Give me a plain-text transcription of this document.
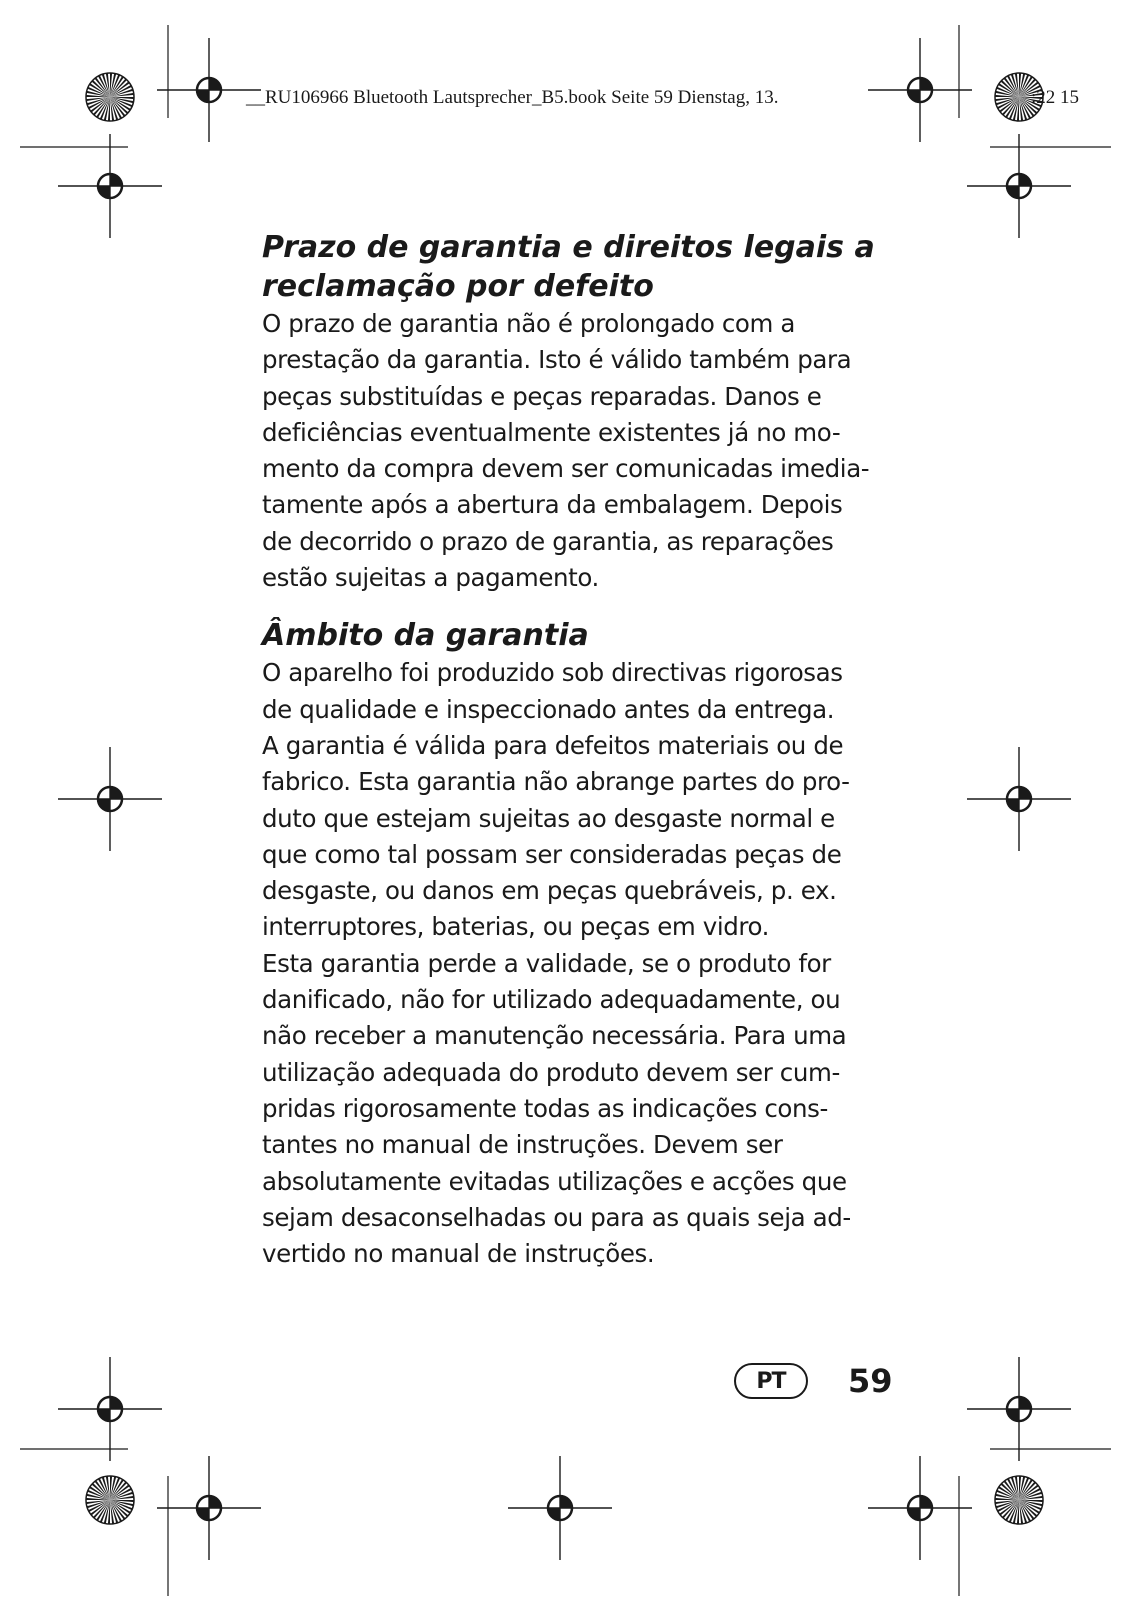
__RU106966 Bluetooth Lautsprecher_B5.book Seite 59 Dienstag, 13.	:22 15
Prazo de garantia e direitos legais a
reclamação por defeito

O prazo de garantia não é prolongado com a
prestação da garantia. Isto é válido também para
peças substituídas e peças reparadas. Danos e
deficiências eventualmente existentes já no mo-
mento da compra devem ser comunicadas imedia-
tamente após a abertura da embalagem. Depois
de decorrido o prazo de garantia, as reparações
estão sujeitas a pagamento.

Âmbito da garantia

O aparelho foi produzido sob directivas rigorosas
de qualidade e inspeccionado antes da entrega.
A garantia é válida para defeitos materiais ou de
fabrico. Esta garantia não abrange partes do pro-
duto que estejam sujeitas ao desgaste normal e
que como tal possam ser consideradas peças de
desgaste, ou danos em peças quebráveis, p. ex.
interruptores, baterias, ou peças em vidro.

Esta garantia perde a validade, se o produto for
danificado, não for utilizado adequadamente, ou
não receber a manutenção necessária. Para uma
utilização adequada do produto devem ser cum-
pridas rigorosamente todas as indicações cons-
tantes no manual de instruções. Devem ser
absolutamente evitadas utilizações e acções que
sejam desaconselhadas ou para as quais seja ad-
vertido no manual de instruções.

PT	59
